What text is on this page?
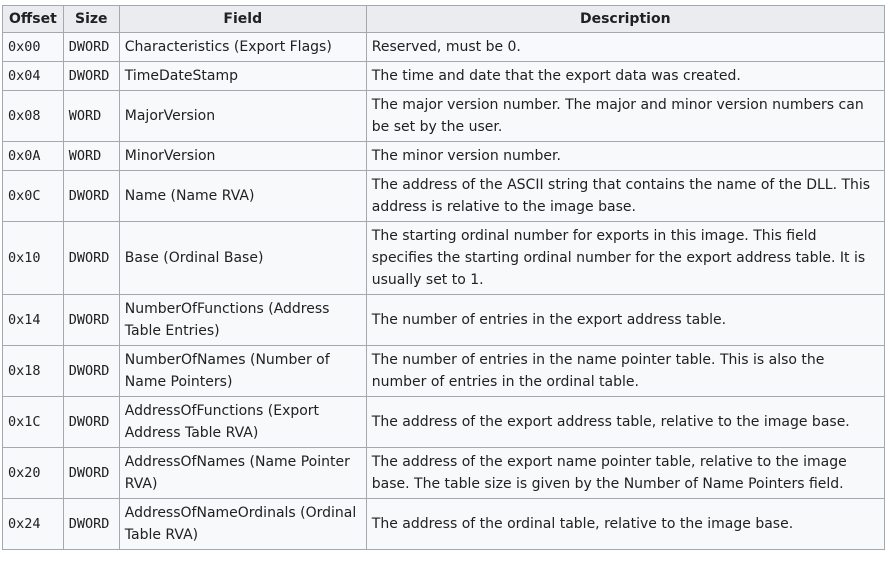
Offset	Size	Field	Description
0x00	DWORD	Characteristics (Export Flags)	Reserved, must be 0.
0x04	DWORD	TimeDateStamp	The time and date that the export data was created.
0x08	WORD	MajorVersion	The major version number. The major and minor version numbers can be set by the user.
0x0A	WORD	MinorVersion	The minor version number.
0x0C	DWORD	Name (Name RVA)	The address of the ASCII string that contains the name of the DLL. This address is relative to the image base.
0x10	DWORD	Base (Ordinal Base)	The starting ordinal number for exports in this image. This field specifies the starting ordinal number for the export address table. It is usually set to 1.
0x14	DWORD	NumberOfFunctions (Address Table Entries)	The number of entries in the export address table.
0x18	DWORD	NumberOfNames (Number of Name Pointers)	The number of entries in the name pointer table. This is also the number of entries in the ordinal table.
0x1C	DWORD	AddressOfFunctions (Export Address Table RVA)	The address of the export address table, relative to the image base.
0x20	DWORD	AddressOfNames (Name Pointer RVA)	The address of the export name pointer table, relative to the image base. The table size is given by the Number of Name Pointers field.
0x24	DWORD	AddressOfNameOrdinals (Ordinal Table RVA)	The address of the ordinal table, relative to the image base.
